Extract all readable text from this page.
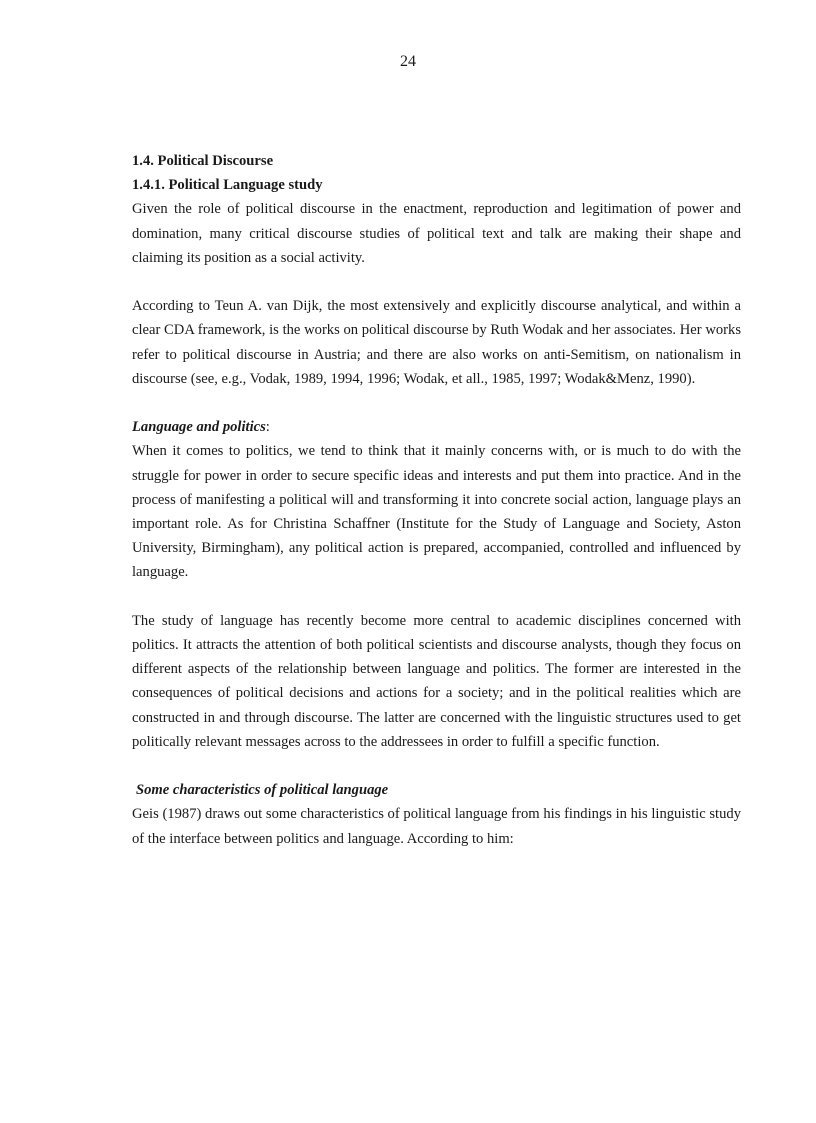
24

1.4. Political Discourse

1.4.1. Political Language study

Given the role of political discourse in the enactment, reproduction and legitimation of power and domination, many critical discourse studies of political text and talk are making their shape and claiming its position as a social activity.

According to Teun A. van Dijk, the most extensively and explicitly discourse analytical, and within a clear CDA framework, is the works on political discourse by Ruth Wodak and her associates. Her works refer to political discourse in Austria; and there are also works on anti-Semitism, on nationalism in discourse (see, e.g., Vodak, 1989, 1994, 1996; Wodak, et all., 1985, 1997; Wodak&Menz, 1990).

Language and politics:

When it comes to politics, we tend to think that it mainly concerns with, or is much to do with the struggle for power in order to secure specific ideas and interests and put them into practice. And in the process of manifesting a political will and transforming it into concrete social action, language plays an important role. As for Christina Schaffner (Institute for the Study of Language and Society, Aston University, Birmingham), any political action is prepared, accompanied, controlled and influenced by language.

The study of language has recently become more central to academic disciplines concerned with politics. It attracts the attention of both political scientists and discourse analysts, though they focus on different aspects of the relationship between language and politics. The former are interested in the consequences of political decisions and actions for a society; and in the political realities which are constructed in and through discourse. The latter are concerned with the linguistic structures used to get politically relevant messages across to the addressees in order to fulfill a specific function.

Some characteristics of political language

Geis (1987) draws out some characteristics of political language from his findings in his linguistic study of the interface between politics and language. According to him:
